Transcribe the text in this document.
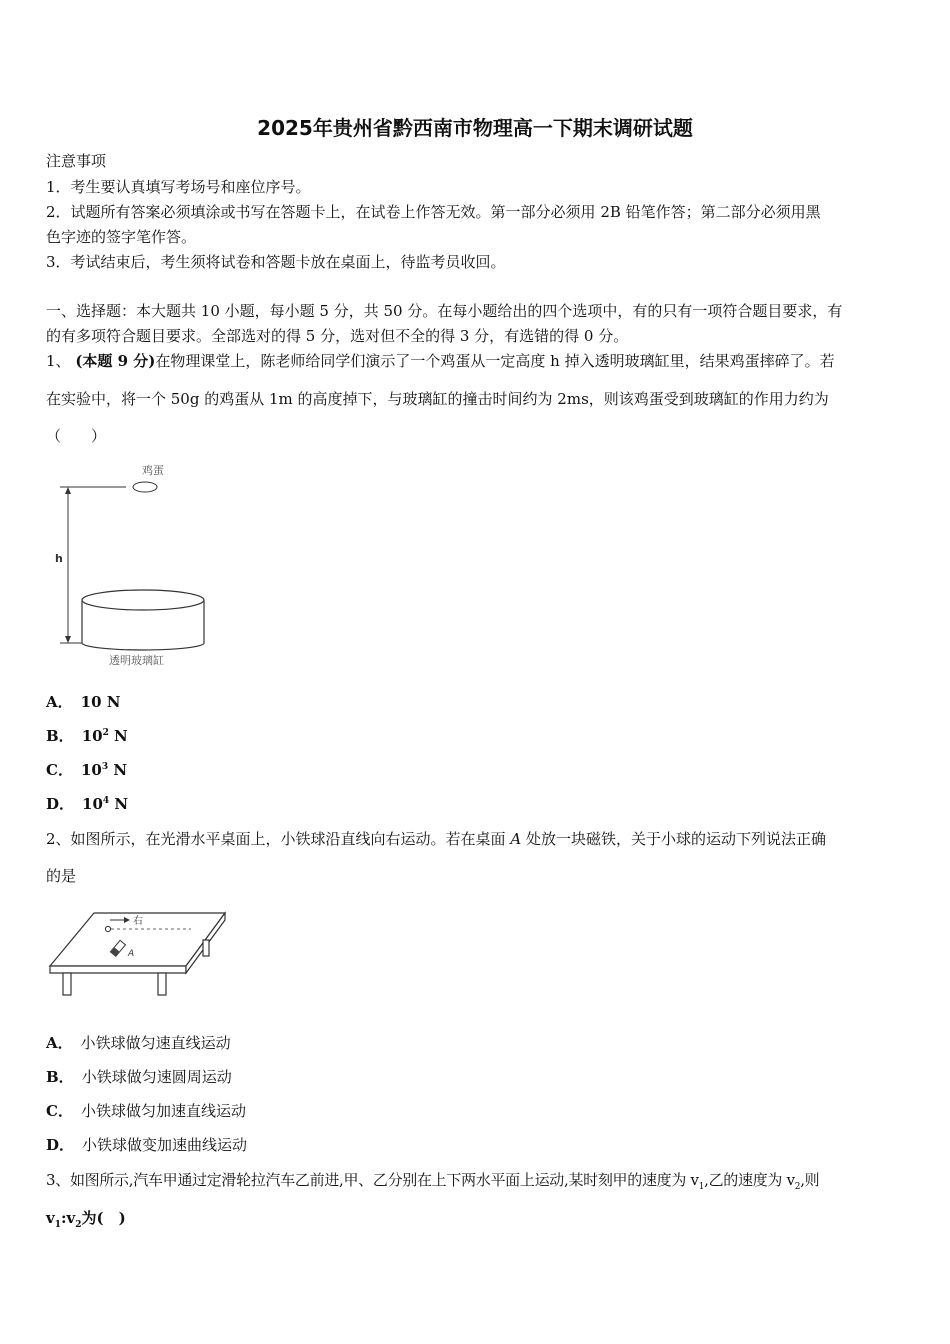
2025年贵州省黔西南市物理高一下期末调研试题
注意事项
1．考生要认真填写考场号和座位序号。
2．试题所有答案必须填涂或书写在答题卡上，在试卷上作答无效。第一部分必须用 2B 铅笔作答；第二部分必须用黑
色字迹的签字笔作答。
3．考试结束后，考生须将试卷和答题卡放在桌面上，待监考员收回。
一、选择题：本大题共 10 小题，每小题 5 分，共 50 分。在每小题给出的四个选项中，有的只有一项符合题目要求，有
的有多项符合题目要求。全部选对的得 5 分，选对但不全的得 3 分，有选错的得 0 分。
1、 (本题 9 分)在物理课堂上，陈老师给同学们演示了一个鸡蛋从一定高度 h 掉入透明玻璃缸里，结果鸡蛋摔碎了。若
在实验中，将一个 50g 的鸡蛋从 1m 的高度掉下，与玻璃缸的撞击时间约为 2ms，则该鸡蛋受到玻璃缸的作用力约为
（　　）
鸡蛋
h
透明玻璃缸
A． 10 N
B． $10^2$ N
C． $10^3$ N
D． $10^4$ N
2、如图所示，在光滑水平桌面上，小铁球沿直线向右运动。若在桌面 A 处放一块磁铁，关于小球的运动下列说法正确
的是
右
A
A． 小铁球做匀速直线运动
B． 小铁球做匀速圆周运动
C． 小铁球做匀加速直线运动
D． 小铁球做变加速曲线运动
3、如图所示,汽车甲通过定滑轮拉汽车乙前进,甲、乙分别在上下两水平面上运动,某时刻甲的速度为 $v_1$,乙的速度为 $v_2$,则
$v_1:v_2$为(　)
